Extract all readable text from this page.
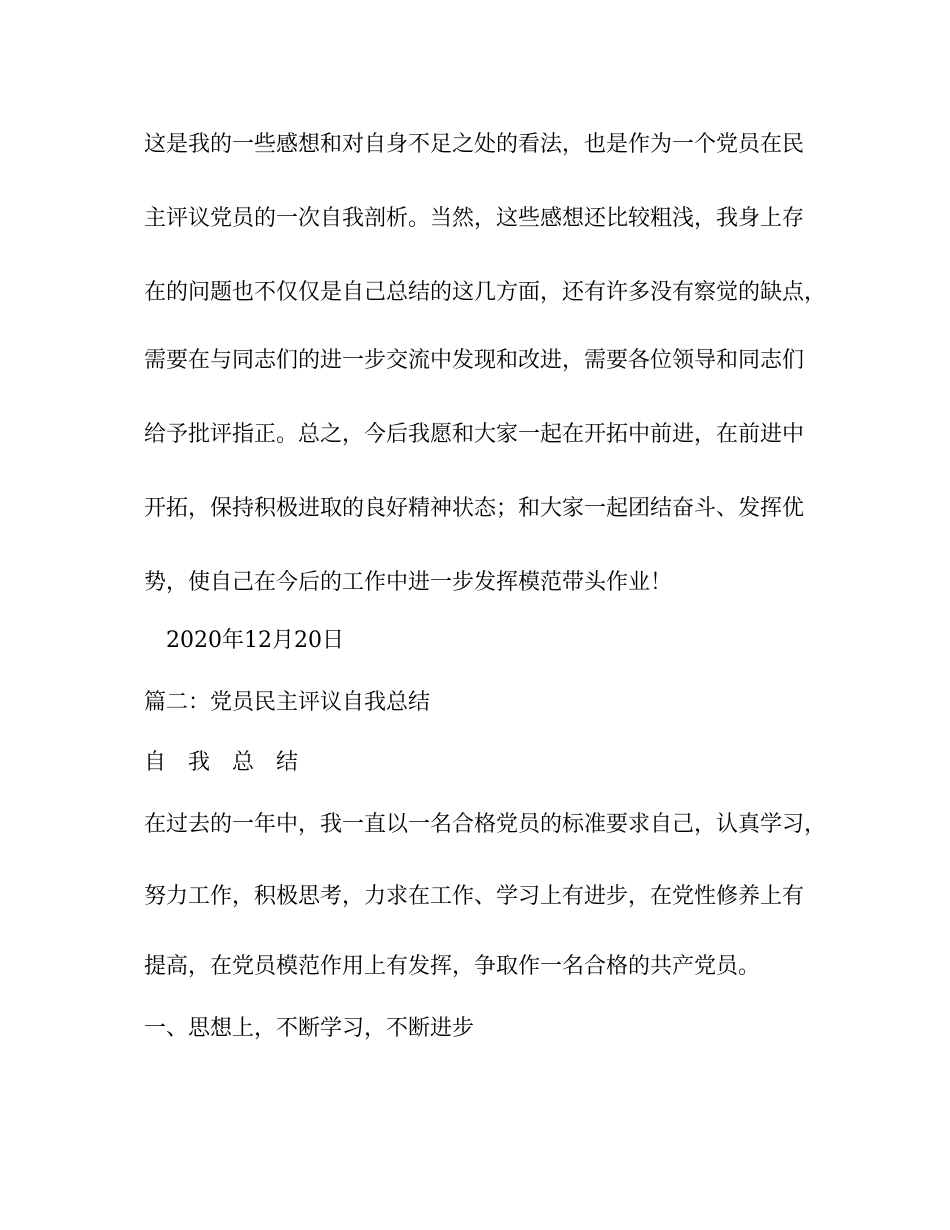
这是我的一些感想和对自身不足之处的看法，也是作为一个党员在民

主评议党员的一次自我剖析。当然，这些感想还比较粗浅，我身上存

在的问题也不仅仅是自己总结的这几方面，还有许多没有察觉的缺点，

需要在与同志们的进一步交流中发现和改进，需要各位领导和同志们

给予批评指正。总之，今后我愿和大家一起在开拓中前进，在前进中

开拓，保持积极进取的良好精神状态；和大家一起团结奋斗、发挥优

势，使自己在今后的工作中进一步发挥模范带头作业！

2020年12月20日

篇二：党员民主评议自我总结

自　我　总　结

在过去的一年中，我一直以一名合格党员的标准要求自己，认真学习，

努力工作，积极思考，力求在工作、学习上有进步，在党性修养上有

提高，在党员模范作用上有发挥，争取作一名合格的共产党员。

一、思想上，不断学习，不断进步
